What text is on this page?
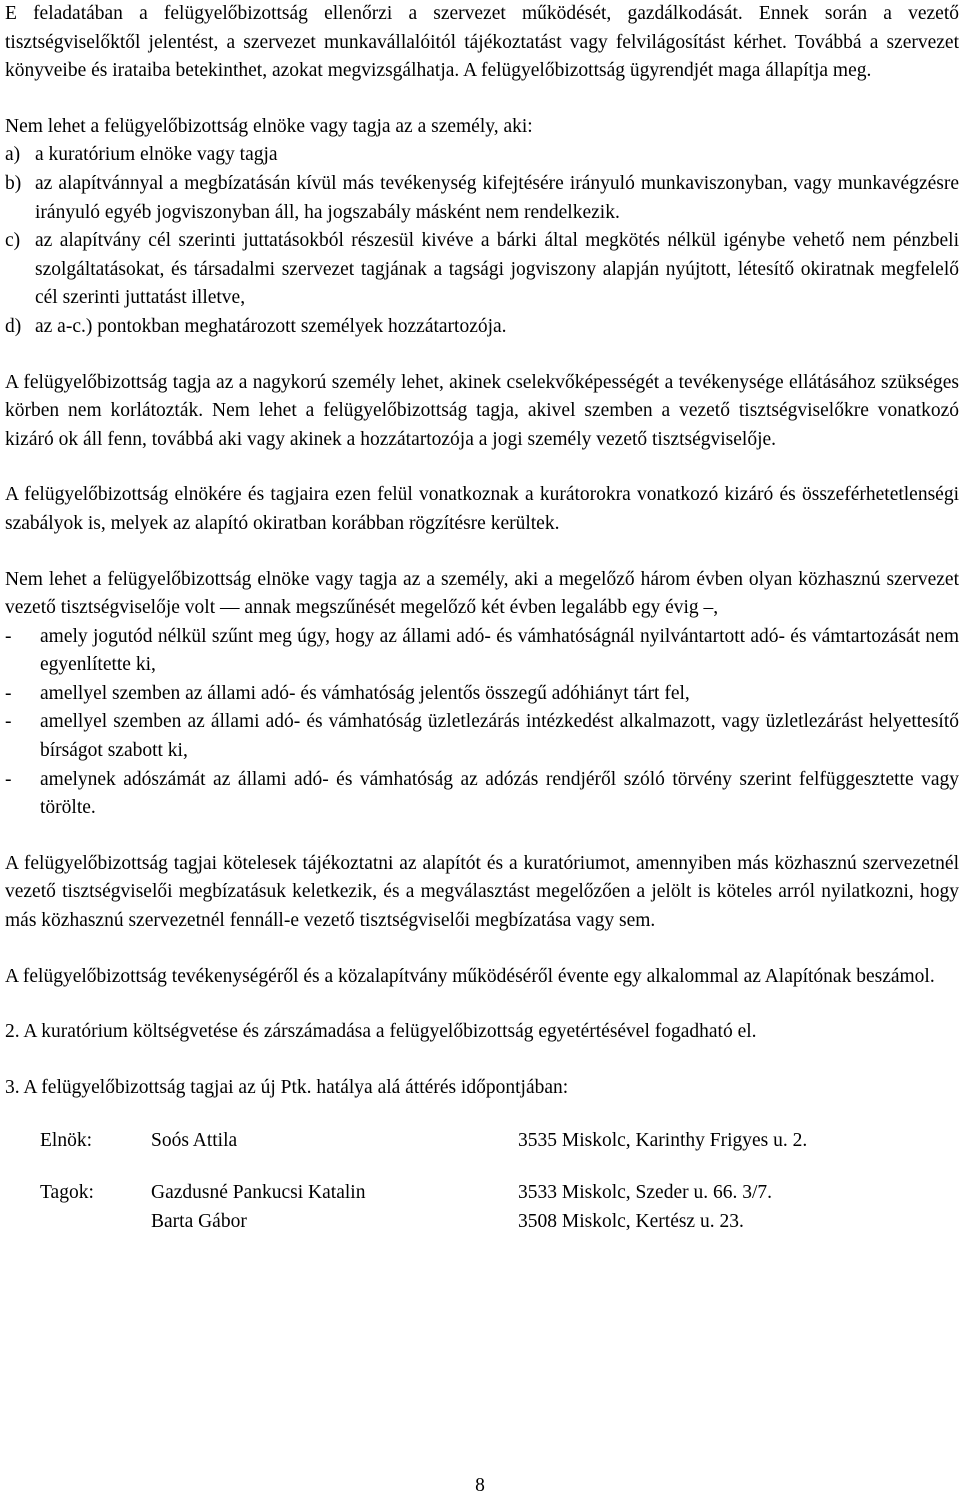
E feladatában a felügyelőbizottság ellenőrzi a szervezet működését, gazdálkodását. Ennek során a vezető tisztségviselőktől jelentést, a szervezet munkavállalóitól tájékoztatást vagy felvilágosítást kérhet. Továbbá a szervezet könyveibe és irataiba betekinthet, azokat megvizsgálhatja. A felügyelőbizottság ügyrendjét maga állapítja meg.

Nem lehet a felügyelőbizottság elnöke vagy tagja az a személy, aki:

a) a kuratórium elnöke vagy tagja
b) az alapítvánnyal a megbízatásán kívül más tevékenység kifejtésére irányuló munkaviszonyban, vagy munkavégzésre irányuló egyéb jogviszonyban áll, ha jogszabály másként nem rendelkezik.
c) az alapítvány cél szerinti juttatásokból részesül kivéve a bárki által megkötés nélkül igénybe vehető nem pénzbeli szolgáltatásokat, és társadalmi szervezet tagjának a tagsági jogviszony alapján nyújtott, létesítő okiratnak megfelelő cél szerinti juttatást illetve,
d) az a-c.) pontokban meghatározott személyek hozzátartozója.

A felügyelőbizottság tagja az a nagykorú személy lehet, akinek cselekvőképességét a tevékenysége ellátásához szükséges körben nem korlátozták. Nem lehet a felügyelőbizottság tagja, akivel szemben a vezető tisztségviselőkre vonatkozó kizáró ok áll fenn, továbbá aki vagy akinek a hozzátartozója a jogi személy vezető tisztségviselője.

A felügyelőbizottság elnökére és tagjaira ezen felül vonatkoznak a kurátorokra vonatkozó kizáró és összeférhetetlenségi szabályok is, melyek az alapító okiratban korábban rögzítésre kerültek.

Nem lehet a felügyelőbizottság elnöke vagy tagja az a személy, aki a megelőző három évben olyan közhasznú szervezet vezető tisztségviselője volt — annak megszűnését megelőző két évben legalább egy évig –,

-	amely jogutód nélkül szűnt meg úgy, hogy az állami adó- és vámhatóságnál nyilvántartott adó- és vámtartozását nem egyenlítette ki,
-	amellyel szemben az állami adó- és vámhatóság jelentős összegű adóhiányt tárt fel,
-	amellyel szemben az állami adó- és vámhatóság üzletlezárás intézkedést alkalmazott, vagy üzletlezárást helyettesítő bírságot szabott ki,
-	amelynek adószámát az állami adó- és vámhatóság az adózás rendjéről szóló törvény szerint felfüggesztette vagy törölte.

A felügyelőbizottság tagjai kötelesek tájékoztatni az alapítót és a kuratóriumot, amennyiben más közhasznú szervezetnél vezető tisztségviselői megbízatásuk keletkezik, és a megválasztást megelőzően a jelölt is köteles arról nyilatkozni, hogy más közhasznú szervezetnél fennáll-e vezető tisztségviselői megbízatása vagy sem.

A felügyelőbizottság tevékenységéről és a közalapítvány működéséről évente egy alkalommal az Alapítónak beszámol.

2. A kuratórium költségvetése és zárszámadása a felügyelőbizottság egyetértésével fogadható el.

3. A felügyelőbizottság tagjai az új Ptk. hatálya alá áttérés időpontjában:

Elnök:	Soós Attila	3535 Miskolc, Karinthy Frigyes u. 2.
Tagok:	Gazdusné Pankucsi Katalin	3533 Miskolc, Szeder u. 66. 3/7.
Barta Gábor	3508 Miskolc, Kertész u. 23.
8
